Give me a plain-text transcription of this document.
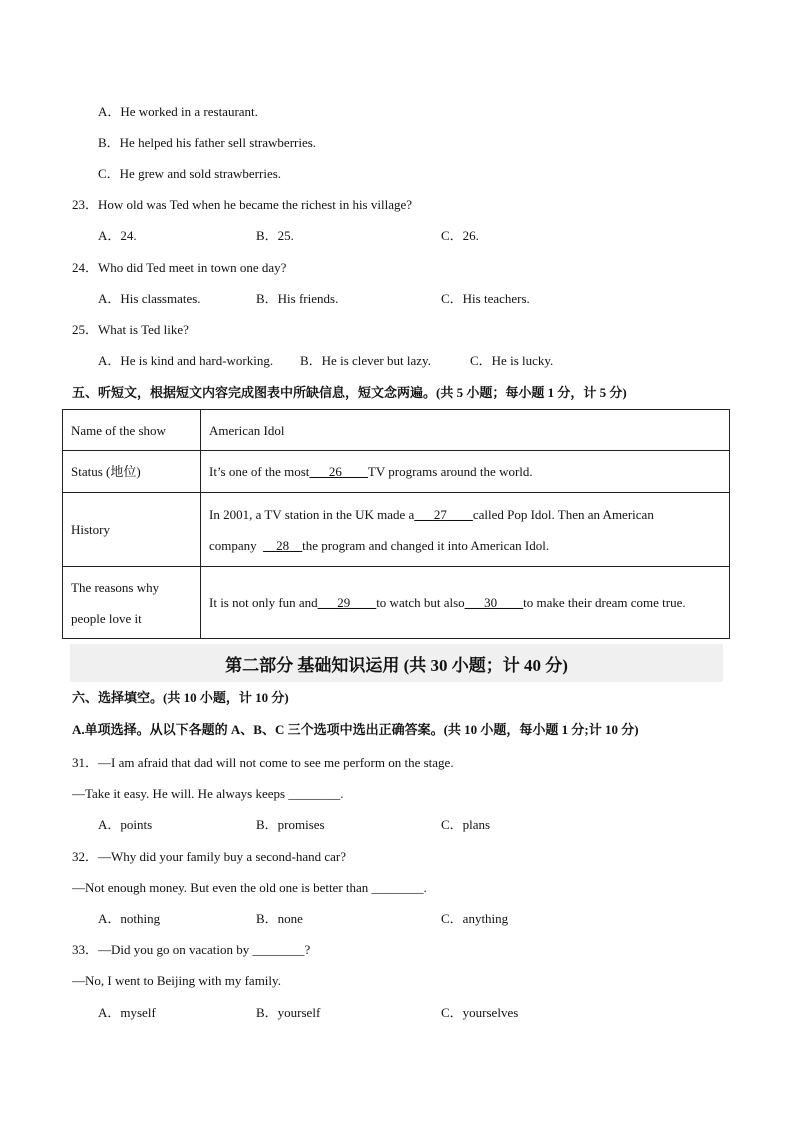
A．He worked in a restaurant.
B．He helped his father sell strawberries.
C．He grew and sold strawberries.
23．How old was Ted when he became the richest in his village?
A．24.	B．25.	C．26.
24．Who did Ted meet in town one day?
A．His classmates.	B．His friends.	C．His teachers.
25．What is Ted like?
A．He is kind and hard-working. B．He is clever but lazy.	C．He is lucky.
五、听短文，根据短文内容完成图表中所缺信息，短文念两遍。(共 5 小题；每小题 1 分，计 5 分)
Name of the show	American Idol
Status (地位)	It’s one of the most___26____TV programs around the world.
History	In 2001, a TV station in the UK made a___27____called Pop Idol. Then an American
company  __28__the program and changed it into American Idol.

The reasons why
people love it	It is not only fun and___29____to watch but also___30____to make their dream come true.
第二部分 基础知识运用 (共 30 小题；计 40 分)
六、选择填空。(共 10 小题，计 10 分)
A.单项选择。从以下各题的 A、B、C 三个选项中选出正确答案。(共 10 小题，每小题 1 分;计 10 分)
31．—I am afraid that dad will not come to see me perform on the stage.
—Take it easy. He will. He always keeps ________.
A．points	B．promises	C．plans
32．—Why did your family buy a second-hand car?
—Not enough money. But even the old one is better than ________.
A．nothing	B．none	C．anything
33．—Did you go on vacation by ________?
—No, I went to Beijing with my family.
A．myself	B．yourself	C．yourselves
